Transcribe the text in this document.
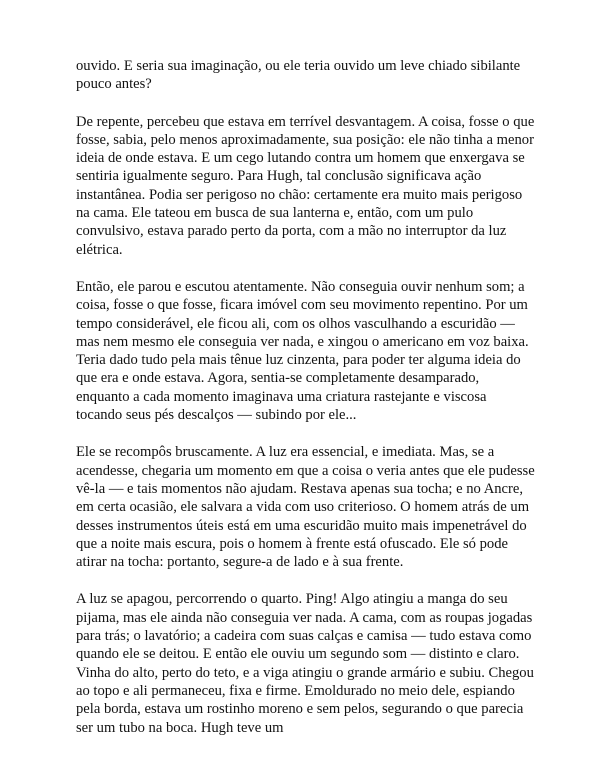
ouvido. E seria sua imaginação, ou ele teria ouvido um leve chiado sibilante pouco antes?

De repente, percebeu que estava em terrível desvantagem. A coisa, fosse o que fosse, sabia, pelo menos aproximadamente, sua posição: ele não tinha a menor ideia de onde estava. E um cego lutando contra um homem que enxergava se sentiria igualmente seguro. Para Hugh, tal conclusão significava ação instantânea. Podia ser perigoso no chão: certamente era muito mais perigoso na cama. Ele tateou em busca de sua lanterna e, então, com um pulo convulsivo, estava parado perto da porta, com a mão no interruptor da luz elétrica.

Então, ele parou e escutou atentamente. Não conseguia ouvir nenhum som; a coisa, fosse o que fosse, ficara imóvel com seu movimento repentino. Por um tempo considerável, ele ficou ali, com os olhos vasculhando a escuridão — mas nem mesmo ele conseguia ver nada, e xingou o americano em voz baixa. Teria dado tudo pela mais tênue luz cinzenta, para poder ter alguma ideia do que era e onde estava. Agora, sentia-se completamente desamparado, enquanto a cada momento imaginava uma criatura rastejante e viscosa tocando seus pés descalços — subindo por ele...

Ele se recompôs bruscamente. A luz era essencial, e imediata. Mas, se a acendesse, chegaria um momento em que a coisa o veria antes que ele pudesse vê-la — e tais momentos não ajudam. Restava apenas sua tocha; e no Ancre, em certa ocasião, ele salvara a vida com uso criterioso. O homem atrás de um desses instrumentos úteis está em uma escuridão muito mais impenetrável do que a noite mais escura, pois o homem à frente está ofuscado. Ele só pode atirar na tocha: portanto, segure-a de lado e à sua frente.

A luz se apagou, percorrendo o quarto. Ping! Algo atingiu a manga do seu pijama, mas ele ainda não conseguia ver nada. A cama, com as roupas jogadas para trás; o lavatório; a cadeira com suas calças e camisa — tudo estava como quando ele se deitou. E então ele ouviu um segundo som — distinto e claro. Vinha do alto, perto do teto, e a viga atingiu o grande armário e subiu. Chegou ao topo e ali permaneceu, fixa e firme. Emoldurado no meio dele, espiando pela borda, estava um rostinho moreno e sem pelos, segurando o que parecia ser um tubo na boca. Hugh teve um
